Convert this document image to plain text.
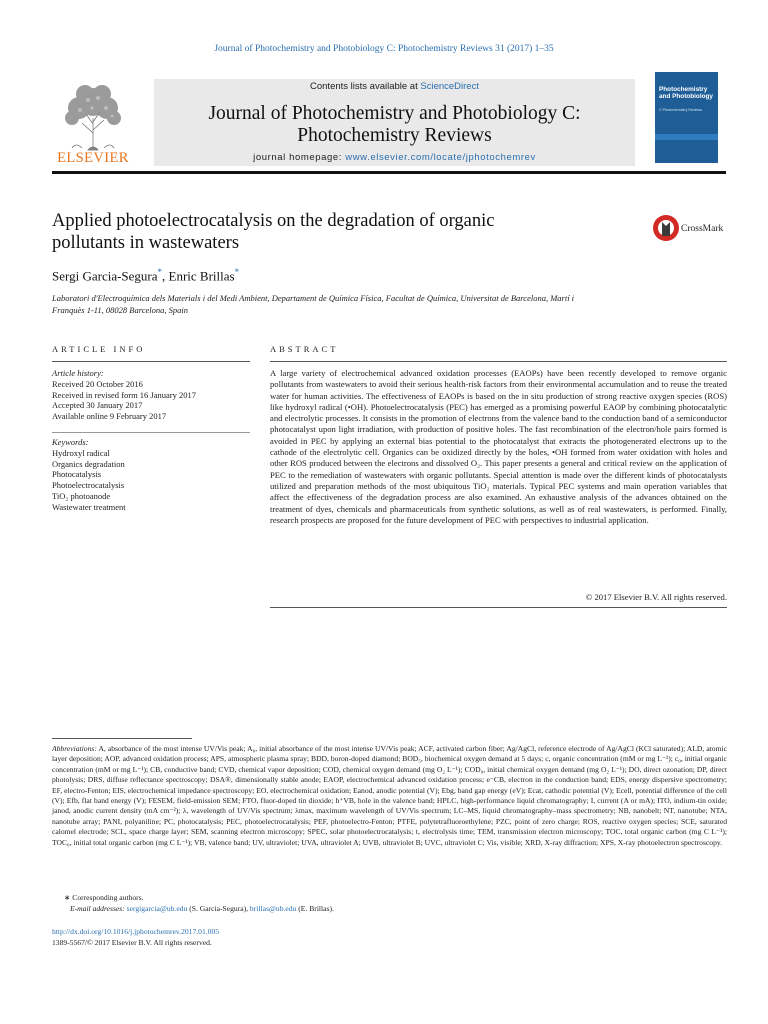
Journal of Photochemistry and Photobiology C: Photochemistry Reviews 31 (2017) 1–35
ELSEVIER
Contents lists available at ScienceDirect
Journal of Photochemistry and Photobiology C:
Photochemistry Reviews
journal homepage: www.elsevier.com/locate/jphotochemrev
Photochemistry and Photobiology
C Photochemistry Reviews
Applied photoelectrocatalysis on the degradation of organic
pollutants in wastewaters
CrossMark
Sergi Garcia-Segura*, Enric Brillas*
Laboratori d'Electroquímica dels Materials i del Medi Ambient, Departament de Química Física, Facultat de Química, Universitat de Barcelona, Martí i
Franquès 1-11, 08028 Barcelona, Spain
ARTICLE INFO
Article history:
Received 20 October 2016
Received in revised form 16 January 2017
Accepted 30 January 2017
Available online 9 February 2017
Keywords:
Hydroxyl radical
Organics degradation
Photocatalysis
Photoelectrocatalysis
TiO₂ photoanode
Wastewater treatment
ABSTRACT
A large variety of electrochemical advanced oxidation processes (EAOPs) have been recently developed to remove organic pollutants from wastewaters to avoid their serious health-risk factors from their environmental accumulation and to reuse the treated water for human activities. The effectiveness of EAOPs is based on the in situ production of strong reactive oxygen species (ROS) like hydroxyl radical (•OH). Photoelectrocatalysis (PEC) has emerged as a promising powerful EAOP by combining photocatalytic and electrolytic processes. It consists in the promotion of electrons from the valence band to the conduction band of a semiconductor photocatalyst upon light irradiation, with production of positive holes. The fast recombination of the electron/hole pairs formed is avoided in PEC by applying an external bias potential to the photocatalyst that extracts the photogenerated electrons up to the cathode of the electrolytic cell. Organics can be oxidized directly by the holes, •OH formed from water oxidation with holes and other ROS produced between the electrons and dissolved O₂. This paper presents a general and critical review on the application of PEC to the remediation of wastewaters with organic pollutants. Special attention is made over the different kinds of photocatalysts utilized and preparation methods of the most ubiquitous TiO₂ materials. Typical PEC systems and main operation variables that affect the effectiveness of the degradation process are also examined. An exhaustive analysis of the advances obtained on the treatment of dyes, chemicals and pharmaceuticals from synthetic solutions, as well as of real wastewaters, is performed. Finally, research prospects are proposed for the future development of PEC with perspectives to industrial application.
© 2017 Elsevier B.V. All rights reserved.
Abbreviations: A, absorbance of the most intense UV/Vis peak; A₀, initial absorbance of the most intense UV/Vis peak; ACF, activated carbon fiber; Ag/AgCl, reference electrode of Ag/AgCl (KCl saturated); ALD, atomic layer deposition; AOP, advanced oxidation process; APS, atmospheric plasma spray; BDD, boron-doped diamond; BOD₅, biochemical oxygen demand at 5 days; c, organic concentration (mM or mg L⁻¹); c₀, initial organic concentration (mM or mg L⁻¹); CB, conductive band; CVD, chemical vapor deposition; COD, chemical oxygen demand (mg O₂ L⁻¹); COD₀, initial chemical oxygen demand (mg O₂ L⁻¹); DO, direct ozonation; DP, direct photolysis; DRS, diffuse reflectance spectroscopy; DSA®, dimensionally stable anode; EAOP, electrochemical advanced oxidation process; e⁻CB, electron in the conduction band; EDS, energy dispersive spectrometry; EF, electro-Fenton; EIS, electrochemical impedance spectroscopy; EO, electrochemical oxidation; Eanod, anodic potential (V); Ebg, band gap energy (eV); Ecat, cathodic potential (V); Ecell, potential difference of the cell (V); Efb, flat band energy (V); FESEM, field-emission SEM; FTO, fluor-doped tin dioxide; h⁺VB, hole in the valence band; HPLC, high-performance liquid chromatography; I, current (A or mA); ITO, indium-tin oxide; janod, anodic current density (mA cm⁻²); λ, wavelength of UV/Vis spectrum; λmax, maximum wavelength of UV/Vis spectrum; LC–MS, liquid chromatography–mass spectrometry; NB, nanobelt; NT, nanotube; NTA, nanotube array; PANI, polyaniline; PC, photocatalysis; PEC, photoelectrocatalysis; PEF, photoelectro-Fenton; PTFE, polytetrafluoroethylene; PZC, point of zero charge; ROS, reactive oxygen species; SCE, saturated calomel electrode; SCL, space charge layer; SEM, scanning electron microscopy; SPEC, solar photoelectrocatalysis; t, electrolysis time; TEM, transmission electron microscopy; TOC, total organic carbon (mg C L⁻¹); TOC₀, initial total organic carbon (mg C L⁻¹); VB, valence band; UV, ultraviolet; UVA, ultraviolet A; UVB, ultraviolet B; UVC, ultraviolet C; Vis, visible; XRD, X-ray diffraction; XPS, X-ray photoelectron spectroscopy.
∗ Corresponding authors.
E-mail addresses: sergigarcia@ub.edu (S. Garcia-Segura), brillas@ub.edu (E. Brillas).
http://dx.doi.org/10.1016/j.jphotochemrev.2017.01.005
1389-5567/© 2017 Elsevier B.V. All rights reserved.
